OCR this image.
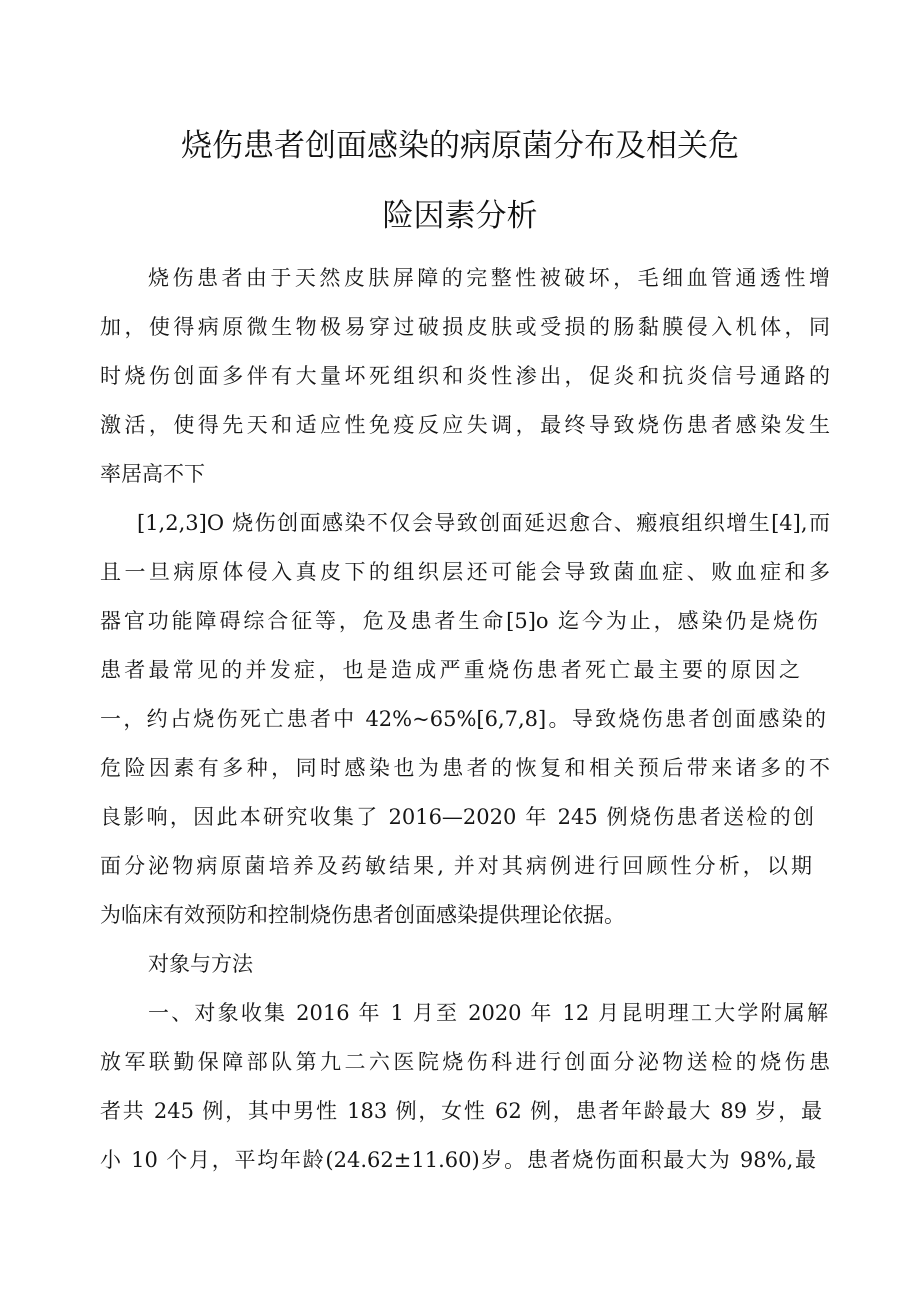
烧伤患者创面感染的病原菌分布及相关危
险因素分析
烧伤患者由于天然皮肤屏障的完整性被破坏，毛细血管通透性增
加，使得病原微生物极易穿过破损皮肤或受损的肠黏膜侵入机体，同
时烧伤创面多伴有大量坏死组织和炎性渗出，促炎和抗炎信号通路的
激活，使得先天和适应性免疫反应失调，最终导致烧伤患者感染发生
率居高不下
[1,2,3]O 烧伤创面感染不仅会导致创面延迟愈合、瘢痕组织增生[4],而
且一旦病原体侵入真皮下的组织层还可能会导致菌血症、败血症和多
器官功能障碍综合征等，危及患者生命[5]o 迄今为止，感染仍是烧伤
患者最常见的并发症，也是造成严重烧伤患者死亡最主要的原因之
一，约占烧伤死亡患者中 42%~65%[6,7,8]。导致烧伤患者创面感染的
危险因素有多种，同时感染也为患者的恢复和相关预后带来诸多的不
良影响，因此本研究收集了 2016—2020 年 245 例烧伤患者送检的创
面分泌物病原菌培养及药敏结果, 并对其病例进行回顾性分析，以期
为临床有效预防和控制烧伤患者创面感染提供理论依据。
对象与方法
一、对象收集 2016 年 1 月至 2020 年 12 月昆明理工大学附属解
放军联勤保障部队第九二六医院烧伤科进行创面分泌物送检的烧伤患
者共 245 例，其中男性 183 例，女性 62 例，患者年龄最大 89 岁，最
小 10 个月，平均年龄(24.62±11.60)岁。患者烧伤面积最大为 98%,最
